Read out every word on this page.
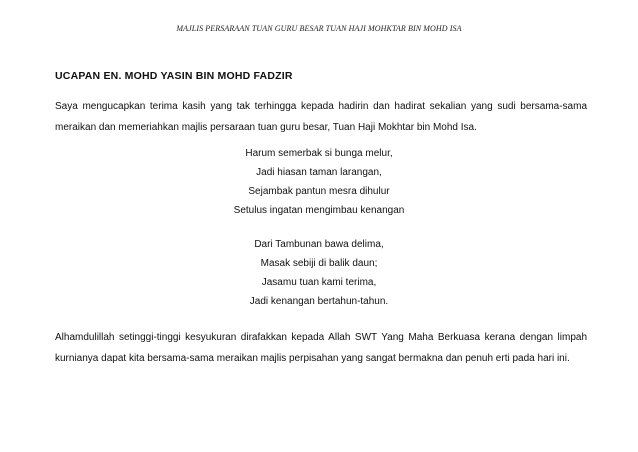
MAJLIS PERSARAAN TUAN GURU BESAR TUAN HAJI MOHKTAR BIN MOHD ISA
UCAPAN EN. MOHD YASIN BIN MOHD FADZIR
Saya mengucapkan terima kasih yang tak terhingga kepada hadirin dan hadirat sekalian yang sudi bersama-sama meraikan dan memeriahkan majlis persaraan tuan guru besar, Tuan Haji Mokhtar bin Mohd Isa.
Harum semerbak si bunga melur,
Jadi hiasan taman larangan,
Sejambak pantun mesra dihulur
Setulus ingatan mengimbau kenangan
Dari Tambunan bawa delima,
Masak sebiji di balik daun;
Jasamu tuan kami terima,
Jadi kenangan bertahun-tahun.
Alhamdulillah setinggi-tinggi kesyukuran dirafakkan kepada Allah SWT Yang Maha Berkuasa kerana dengan limpah kurnianya dapat kita bersama-sama meraikan majlis perpisahan yang sangat bermakna dan penuh erti pada hari ini.
